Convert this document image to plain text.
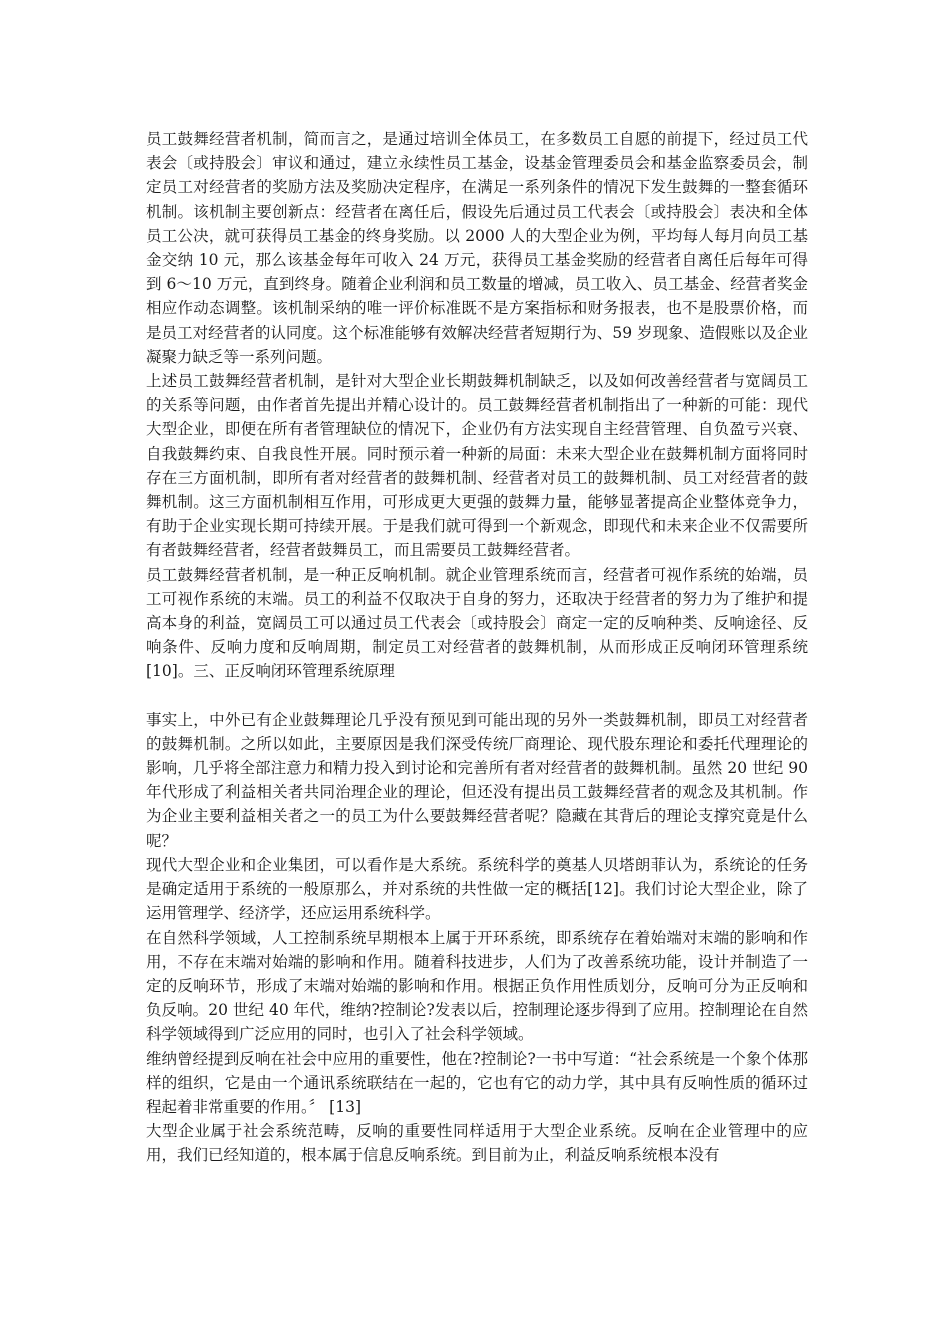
员工鼓舞经营者机制，简而言之，是通过培训全体员工，在多数员工自愿的前提下，经过员工代表会〔或持股会〕审议和通过，建立永续性员工基金，设基金管理委员会和基金监察委员会，制定员工对经营者的奖励方法及奖励决定程序，在满足一系列条件的情况下发生鼓舞的一整套循环机制。该机制主要创新点：经营者在离任后，假设先后通过员工代表会〔或持股会〕表决和全体员工公决，就可获得员工基金的终身奖励。以 2000 人的大型企业为例，平均每人每月向员工基金交纳 10 元，那么该基金每年可收入 24 万元，获得员工基金奖励的经营者自离任后每年可得到 6～10 万元，直到终身。随着企业利润和员工数量的增减，员工收入、员工基金、经营者奖金相应作动态调整。该机制采纳的唯一评价标准既不是方案指标和财务报表，也不是股票价格，而是员工对经营者的认同度。这个标准能够有效解决经营者短期行为、59 岁现象、造假账以及企业凝聚力缺乏等一系列问题。

上述员工鼓舞经营者机制，是针对大型企业长期鼓舞机制缺乏，以及如何改善经营者与宽阔员工的关系等问题，由作者首先提出并精心设计的。员工鼓舞经营者机制指出了一种新的可能：现代大型企业，即便在所有者管理缺位的情况下，企业仍有方法实现自主经营管理、自负盈亏兴衰、自我鼓舞约束、自我良性开展。同时预示着一种新的局面：未来大型企业在鼓舞机制方面将同时存在三方面机制，即所有者对经营者的鼓舞机制、经营者对员工的鼓舞机制、员工对经营者的鼓舞机制。这三方面机制相互作用，可形成更大更强的鼓舞力量，能够显著提高企业整体竞争力，有助于企业实现长期可持续开展。于是我们就可得到一个新观念，即现代和未来企业不仅需要所有者鼓舞经营者，经营者鼓舞员工，而且需要员工鼓舞经营者。

员工鼓舞经营者机制，是一种正反响机制。就企业管理系统而言，经营者可视作系统的始端，员工可视作系统的末端。员工的利益不仅取决于自身的努力，还取决于经营者的努力为了维护和提高本身的利益，宽阔员工可以通过员工代表会〔或持股会〕商定一定的反响种类、反响途径、反响条件、反响力度和反响周期，制定员工对经营者的鼓舞机制，从而形成正反响闭环管理系统[10]。三、正反响闭环管理系统原理

事实上，中外已有企业鼓舞理论几乎没有预见到可能出现的另外一类鼓舞机制，即员工对经营者的鼓舞机制。之所以如此，主要原因是我们深受传统厂商理论、现代股东理论和委托代理理论的影响，几乎将全部注意力和精力投入到讨论和完善所有者对经营者的鼓舞机制。虽然 20 世纪 90 年代形成了利益相关者共同治理企业的理论，但还没有提出员工鼓舞经营者的观念及其机制。作为企业主要利益相关者之一的员工为什么要鼓舞经营者呢？隐藏在其背后的理论支撑究竟是什么呢？

现代大型企业和企业集团，可以看作是大系统。系统科学的奠基人贝塔朗菲认为，系统论的任务是确定适用于系统的一般原那么，并对系统的共性做一定的概括[12]。我们讨论大型企业，除了运用管理学、经济学，还应运用系统科学。

在自然科学领域，人工控制系统早期根本上属于开环系统，即系统存在着始端对末端的影响和作用，不存在末端对始端的影响和作用。随着科技进步，人们为了改善系统功能，设计并制造了一定的反响环节，形成了末端对始端的影响和作用。根据正负作用性质划分，反响可分为正反响和负反响。20 世纪 40 年代，维纳?控制论?发表以后，控制理论逐步得到了应用。控制理论在自然科学领域得到广泛应用的同时，也引入了社会科学领域。

维纳曾经提到反响在社会中应用的重要性，他在?控制论?一书中写道：“社会系统是一个象个体那样的组织，它是由一个通讯系统联结在一起的，它也有它的动力学，其中具有反响性质的循环过程起着非常重要的作用。〞 [13]

大型企业属于社会系统范畴，反响的重要性同样适用于大型企业系统。反响在企业管理中的应用，我们已经知道的，根本属于信息反响系统。到目前为止，利益反响系统根本没有
